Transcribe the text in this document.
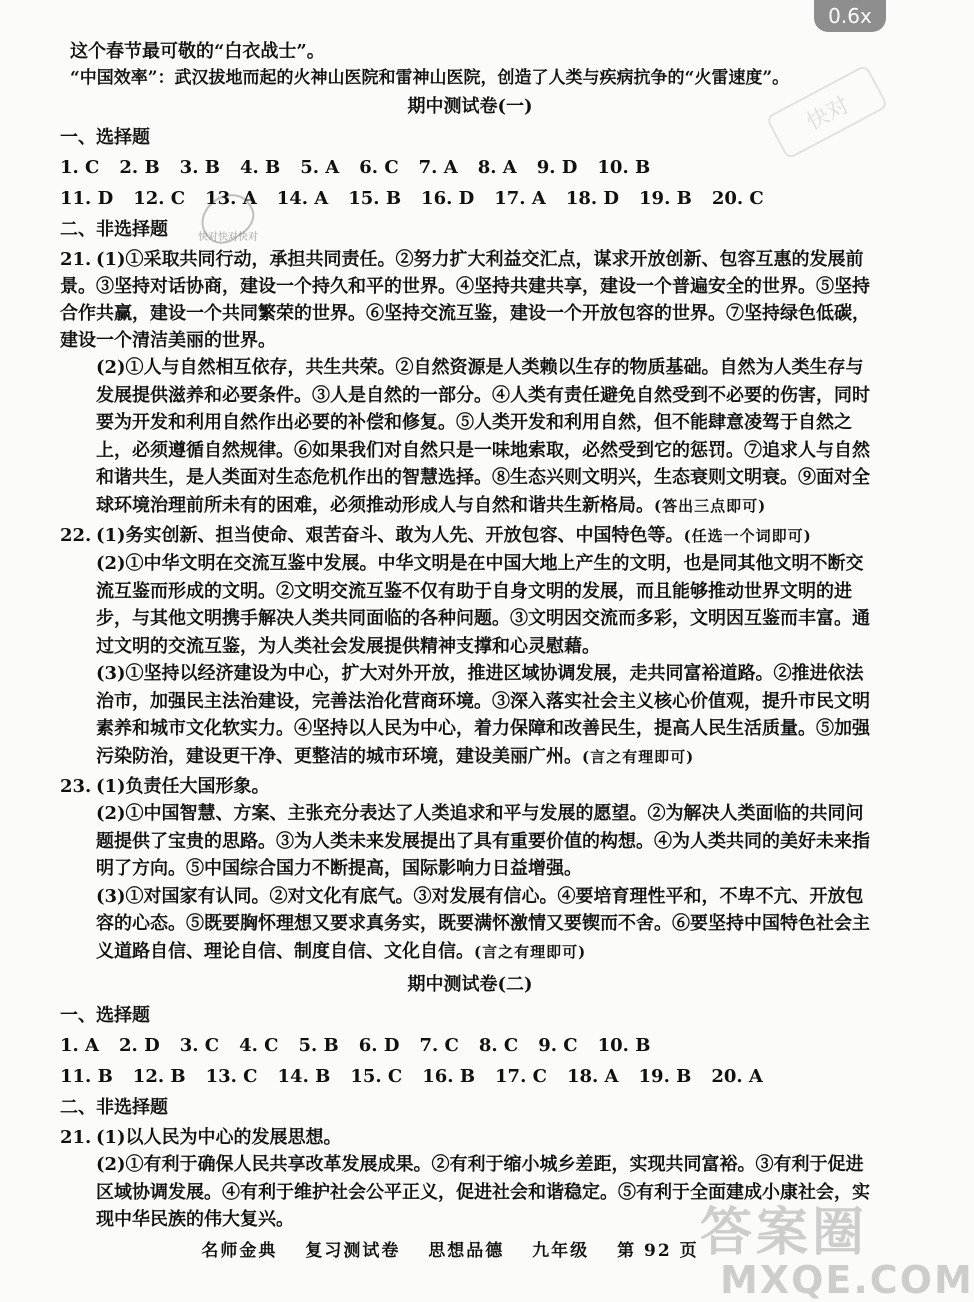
0.6x
快对
快对快对快对

这个春节最可敬的“白衣战士”。

“中国效率”：武汉拔地而起的火神山医院和雷神山医院，创造了人类与疾病抗争的“火雷速度”。

期中测试卷(一)

一、选择题

1. C 2. B 3. B 4. B 5. A 6. C 7. A 8. A 9. D 10. B
11. D 12. C 13. A 14. A 15. B 16. D 17. A 18. D 19. B 20. C

二、非选择题

21. (1)①采取共同行动，承担共同责任。②努力扩大利益交汇点，谋求开放创新、包容互惠的发展前景。③坚持对话协商，建设一个持久和平的世界。④坚持共建共享，建设一个普遍安全的世界。⑤坚持合作共赢，建设一个共同繁荣的世界。⑥坚持交流互鉴，建设一个开放包容的世界。⑦坚持绿色低碳，建设一个清洁美丽的世界。

(2)①人与自然相互依存，共生共荣。②自然资源是人类赖以生存的物质基础。自然为人类生存与发展提供滋养和必要条件。③人是自然的一部分。④人类有责任避免自然受到不必要的伤害，同时要为开发和利用自然作出必要的补偿和修复。⑤人类开发和利用自然，但不能肆意凌驾于自然之上，必须遵循自然规律。⑥如果我们对自然只是一味地索取，必然受到它的惩罚。⑦追求人与自然和谐共生，是人类面对生态危机作出的智慧选择。⑧生态兴则文明兴，生态衰则文明衰。⑨面对全球环境治理前所未有的困难，必须推动形成人与自然和谐共生新格局。(答出三点即可)

22. (1)务实创新、担当使命、艰苦奋斗、敢为人先、开放包容、中国特色等。(任选一个词即可)

(2)①中华文明在交流互鉴中发展。中华文明是在中国大地上产生的文明，也是同其他文明不断交流互鉴而形成的文明。②文明交流互鉴不仅有助于自身文明的发展，而且能够推动世界文明的进步，与其他文明携手解决人类共同面临的各种问题。③文明因交流而多彩，文明因互鉴而丰富。通过文明的交流互鉴，为人类社会发展提供精神支撑和心灵慰藉。

(3)①坚持以经济建设为中心，扩大对外开放，推进区域协调发展，走共同富裕道路。②推进依法治市，加强民主法治建设，完善法治化营商环境。③深入落实社会主义核心价值观，提升市民文明素养和城市文化软实力。④坚持以人民为中心，着力保障和改善民生，提高人民生活质量。⑤加强污染防治，建设更干净、更整洁的城市环境，建设美丽广州。(言之有理即可)

23. (1)负责任大国形象。

(2)①中国智慧、方案、主张充分表达了人类追求和平与发展的愿望。②为解决人类面临的共同问题提供了宝贵的思路。③为人类未来发展提出了具有重要价值的构想。④为人类共同的美好未来指明了方向。⑤中国综合国力不断提高，国际影响力日益增强。

(3)①对国家有认同。②对文化有底气。③对发展有信心。④要培育理性平和，不卑不亢、开放包容的心态。⑤既要胸怀理想又要求真务实，既要满怀激情又要锲而不舍。⑥要坚持中国特色社会主义道路自信、理论自信、制度自信、文化自信。(言之有理即可)

期中测试卷(二)

一、选择题

1. A 2. D 3. C 4. C 5. B 6. D 7. C 8. C 9. C 10. B
11. B 12. B 13. C 14. B 15. C 16. B 17. C 18. A 19. B 20. A

二、非选择题

21. (1)以人民为中心的发展思想。

(2)①有利于确保人民共享改革发展成果。②有利于缩小城乡差距，实现共同富裕。③有利于促进区域协调发展。④有利于维护社会公平正义，促进社会和谐稳定。⑤有利于全面建成小康社会，实现中华民族的伟大复兴。

名师金典 复习测试卷 思想品德 九年级 第 92 页 答案圈
MXQE.COM
